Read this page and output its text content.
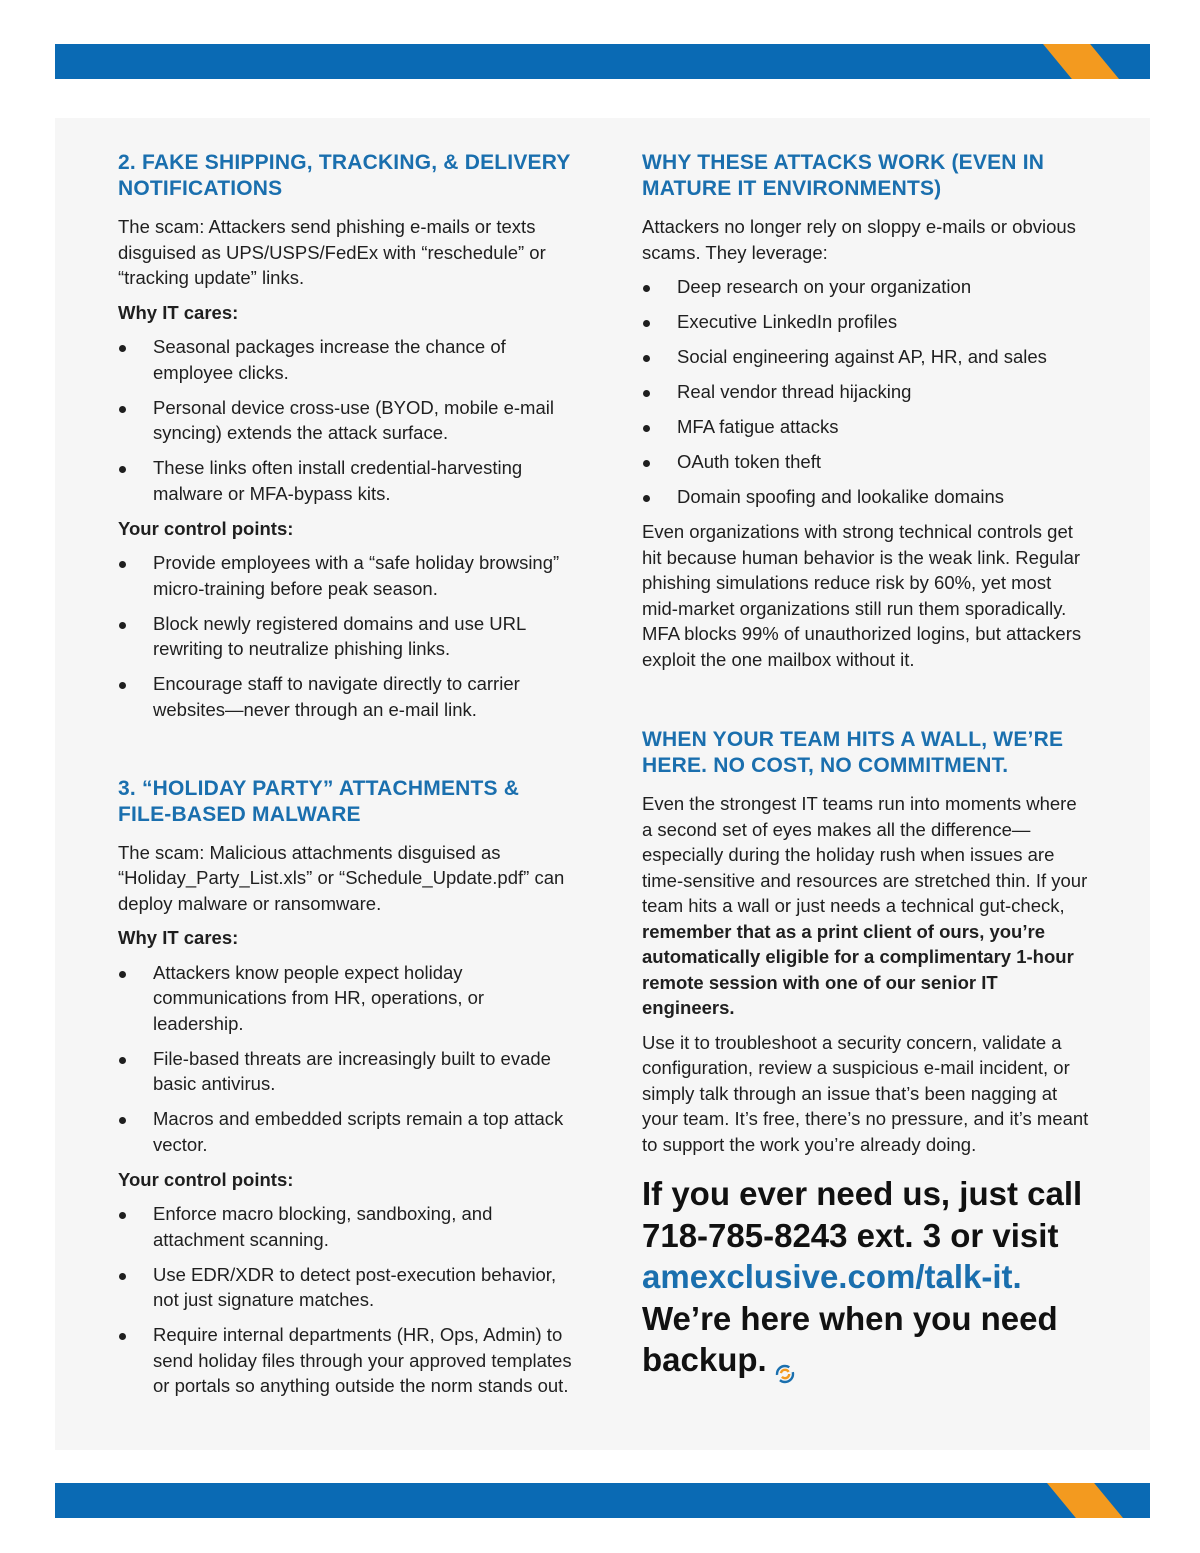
2. FAKE SHIPPING, TRACKING, & DELIVERY NOTIFICATIONS

The scam: Attackers send phishing e-mails or texts disguised as UPS/USPS/FedEx with “reschedule” or “tracking update” links.

Why IT cares:

Seasonal packages increase the chance of employee clicks.
Personal device cross-use (BYOD, mobile e-mail syncing) extends the attack surface.
These links often install credential-harvesting malware or MFA-bypass kits.

Your control points:

Provide employees with a “safe holiday browsing” micro-training before peak season.
Block newly registered domains and use URL rewriting to neutralize phishing links.
Encourage staff to navigate directly to carrier websites—never through an e-mail link.
3. “HOLIDAY PARTY” ATTACHMENTS & FILE-BASED MALWARE

The scam: Malicious attachments disguised as “Holiday_Party_List.xls” or “Schedule_Update.pdf” can deploy malware or ransomware.

Why IT cares:

Attackers know people expect holiday communications from HR, operations, or leadership.
File-based threats are increasingly built to evade basic antivirus.
Macros and embedded scripts remain a top attack vector.

Your control points:

Enforce macro blocking, sandboxing, and attachment scanning.
Use EDR/XDR to detect post-execution behavior, not just signature matches.
Require internal departments (HR, Ops, Admin) to send holiday files through your approved templates or portals so anything outside the norm stands out.
WHY THESE ATTACKS WORK (EVEN IN MATURE IT ENVIRONMENTS)

Attackers no longer rely on sloppy e-mails or obvious scams. They leverage:

Deep research on your organization
Executive LinkedIn profiles
Social engineering against AP, HR, and sales
Real vendor thread hijacking
MFA fatigue attacks
OAuth token theft
Domain spoofing and lookalike domains

Even organizations with strong technical controls get hit because human behavior is the weak link. Regular phishing simulations reduce risk by 60%, yet most mid-market organizations still run them sporadically. MFA blocks 99% of unauthorized logins, but attackers exploit the one mailbox without it.

WHEN YOUR TEAM HITS A WALL, WE’RE HERE. NO COST, NO COMMITMENT.

Even the strongest IT teams run into moments where a second set of eyes makes all the difference—especially during the holiday rush when issues are time-sensitive and resources are stretched thin. If your team hits a wall or just needs a technical gut-check, remember that as a print client of ours, you’re automatically eligible for a complimentary 1-hour remote session with one of our senior IT engineers.

Use it to troubleshoot a security concern, validate a configuration, review a suspicious e-mail incident, or simply talk through an issue that’s been nagging at your team. It’s free, there’s no pressure, and it’s meant to support the work you’re already doing.

If you ever need us, just call 718-785-8243 ext. 3 or visit amexclusive.com/talk-it. We’re here when you need backup.
